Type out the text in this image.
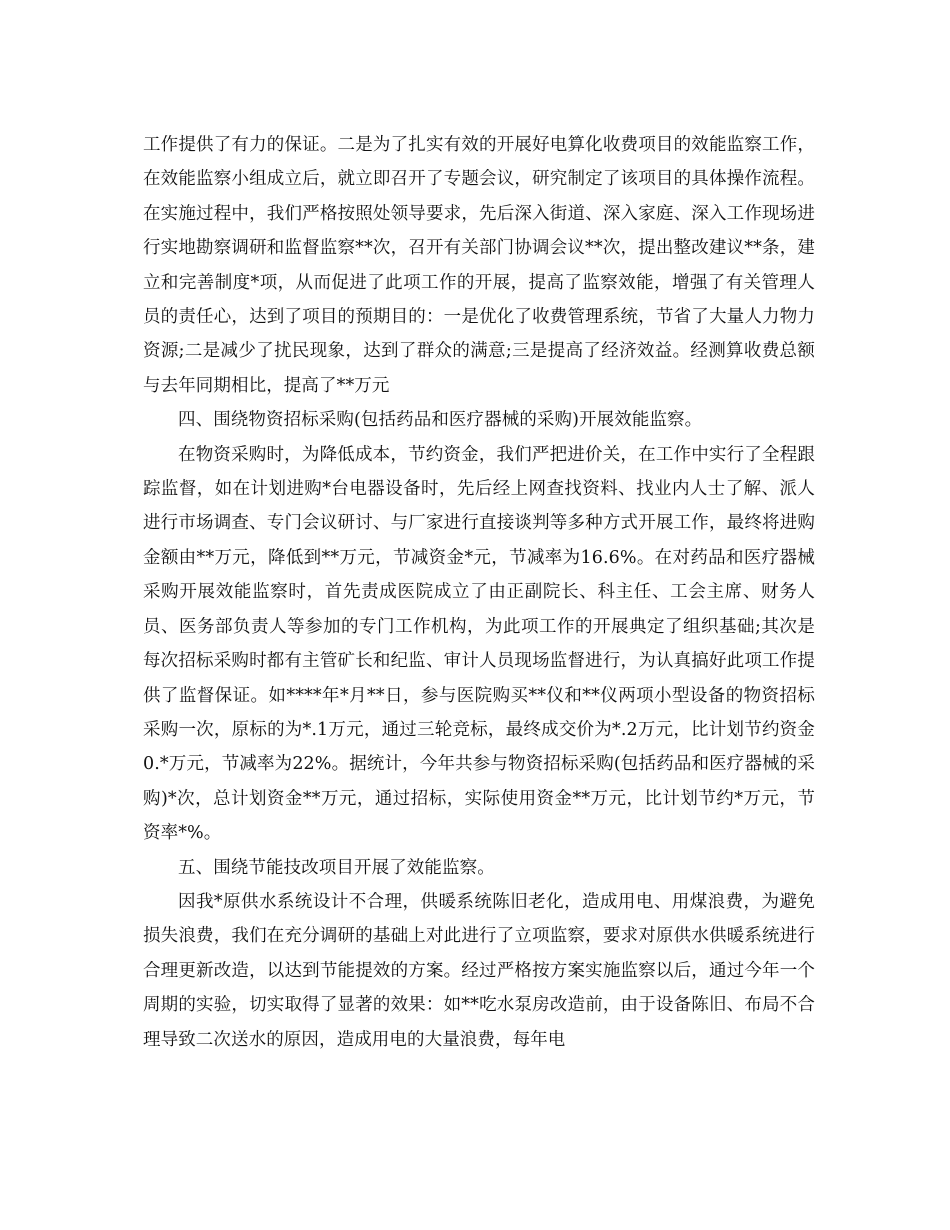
工作提供了有力的保证。二是为了扎实有效的开展好电算化收费项目的效能监察工作，在效能监察小组成立后，就立即召开了专题会议，研究制定了该项目的具体操作流程。在实施过程中，我们严格按照处领导要求，先后深入街道、深入家庭、深入工作现场进行实地勘察调研和监督监察**次，召开有关部门协调会议**次，提出整改建议**条，建立和完善制度*项，从而促进了此项工作的开展，提高了监察效能，增强了有关管理人员的责任心，达到了项目的预期目的：一是优化了收费管理系统，节省了大量人力物力资源;二是减少了扰民现象，达到了群众的满意;三是提高了经济效益。经测算收费总额与去年同期相比，提高了**万元

四、围绕物资招标采购(包括药品和医疗器械的采购)开展效能监察。

在物资采购时，为降低成本，节约资金，我们严把进价关，在工作中实行了全程跟踪监督，如在计划进购*台电器设备时，先后经上网查找资料、找业内人士了解、派人进行市场调查、专门会议研讨、与厂家进行直接谈判等多种方式开展工作，最终将进购金额由**万元，降低到**万元，节减资金*元，节减率为16.6%。在对药品和医疗器械采购开展效能监察时，首先责成医院成立了由正副院长、科主任、工会主席、财务人员、医务部负责人等参加的专门工作机构，为此项工作的开展典定了组织基础;其次是每次招标采购时都有主管矿长和纪监、审计人员现场监督进行，为认真搞好此项工作提供了监督保证。如****年*月**日，参与医院购买**仪和**仪两项小型设备的物资招标采购一次，原标的为*.1万元，通过三轮竞标，最终成交价为*.2万元，比计划节约资金0.*万元，节减率为22%。据统计，今年共参与物资招标采购(包括药品和医疗器械的采购)*次，总计划资金**万元，通过招标，实际使用资金**万元，比计划节约*万元，节资率*%。

五、围绕节能技改项目开展了效能监察。

因我*原供水系统设计不合理，供暖系统陈旧老化，造成用电、用煤浪费，为避免损失浪费，我们在充分调研的基础上对此进行了立项监察，要求对原供水供暖系统进行合理更新改造，以达到节能提效的方案。经过严格按方案实施监察以后，通过今年一个周期的实验，切实取得了显著的效果：如**吃水泵房改造前，由于设备陈旧、布局不合理导致二次送水的原因，造成用电的大量浪费，每年电
